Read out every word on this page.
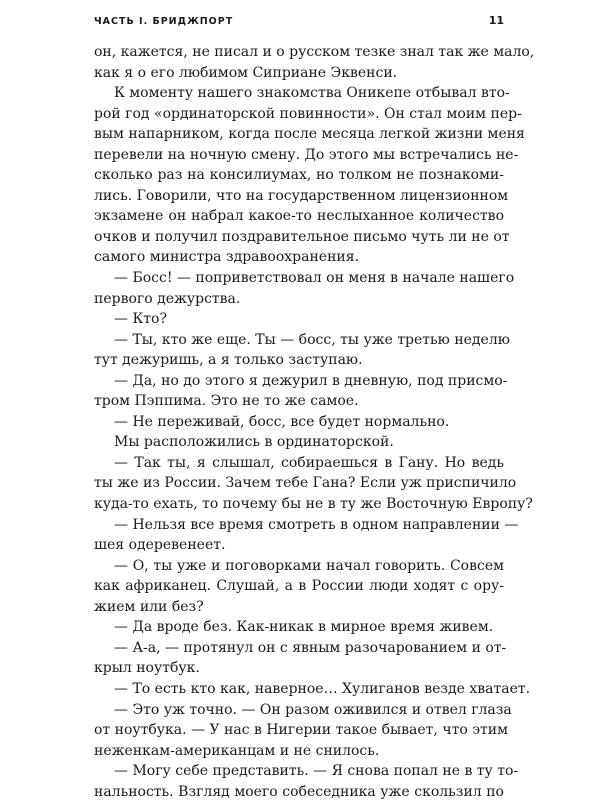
ЧАСТЬ I. БРИДЖПОРТ	11
он, кажется, не писал и о русском тезке знал так же мало,
как я о его любимом Сиприане Эквенси.
К моменту нашего знакомства Оникепе отбывал вто-
рой год «ординаторской повинности». Он стал моим пер-
вым напарником, когда после месяца легкой жизни меня
перевели на ночную смену. До этого мы встречались не-
сколько раз на консилиумах, но толком не познакоми-
лись. Говорили, что на государственном лицензионном
экзамене он набрал какое-то неслыханное количество
очков и получил поздравительное письмо чуть ли не от
самого министра здравоохранения.
— Босс! — поприветствовал он меня в начале нашего
первого дежурства.
— Кто?
— Ты, кто же еще. Ты — босс, ты уже третью неделю
тут дежуришь, а я только заступаю.
— Да, но до этого я дежурил в дневную, под присмо-
тром Пэппима. Это не то же самое.
— Не переживай, босс, все будет нормально.
Мы расположились в ординаторской.
— Так ты, я слышал, собираешься в Гану. Но ведь
ты же из России. Зачем тебе Гана? Если уж приспичило
куда-то ехать, то почему бы не в ту же Восточную Европу?
— Нельзя все время смотреть в одном направлении —
шея одеревенеет.
— О, ты уже и поговорками начал говорить. Совсем
как африканец. Слушай, а в России люди ходят с ору-
жием или без?
— Да вроде без. Как-никак в мирное время живем.
— А-а, — протянул он с явным разочарованием и от-
крыл ноутбук.
— То есть кто как, наверное… Хулиганов везде хватает.
— Это уж точно. — Он разом оживился и отвел глаза
от ноутбука. — У нас в Нигерии такое бывает, что этим
неженкам-американцам и не снилось.
— Могу себе представить. — Я снова попал не в ту то-
нальность. Взгляд моего собеседника уже скользил по
